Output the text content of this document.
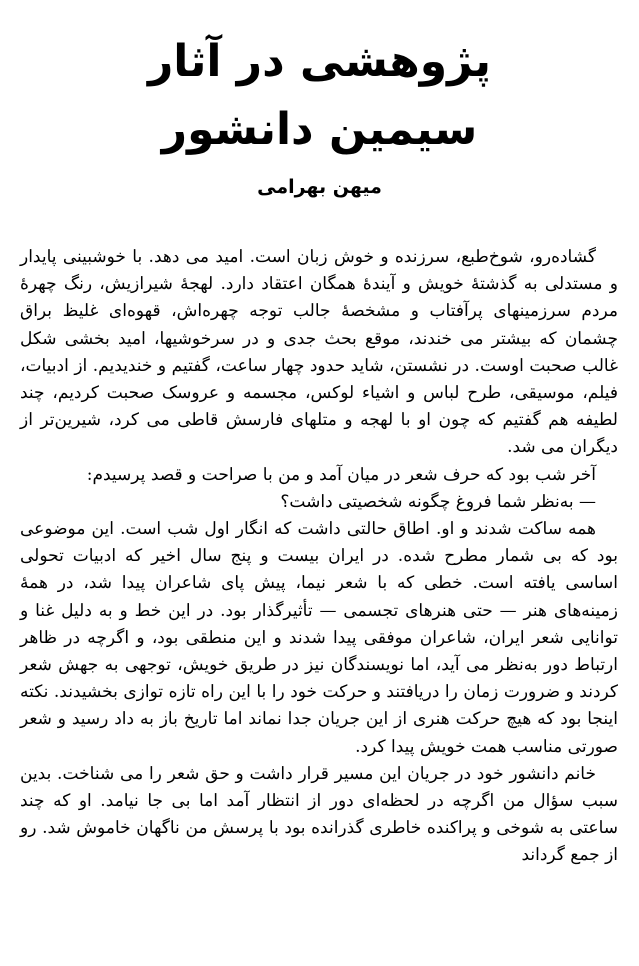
پژوهشی در آثار
سیمین دانشور
میهن بهرامی

گشاده‌رو، شوخ‌طبع، سرزنده و خوش زبان است. امید می دهد. با خوشبینی پایدار و مستدلی به گذشتهٔ خویش و آیندهٔ همگان اعتقاد دارد. لهجهٔ شیرازیش، رنگ چهرهٔ مردم سرزمینهای پرآفتاب و مشخصهٔ جالب توجه چهره‌اش، قهوه‌ای غلیظ براق چشمان که بیشتر می خندند، موقع بحث جدی و در سرخوشیها، امید بخشی شکل غالب صحبت اوست. در نشستن، شاید حدود چهار ساعت، گفتیم و خندیدیم. از ادبیات، فیلم، موسیقی، طرح لباس و اشیاء لوکس، مجسمه و عروسک صحبت کردیم، چند لطیفه هم گفتیم که چون او با لهجه و متلهای فارسش قاطی می کرد، شیرین‌تر از دیگران می شد.

آخر شب بود که حرف شعر در میان آمد و من با صراحت و قصد پرسیدم:

— به‌نظر شما فروغ چگونه شخصیتی داشت؟

همه ساکت شدند و او. اطاق حالتی داشت که انگار اول شب است. این موضوعی بود که بی شمار مطرح شده. در ایران بیست و پنج سال اخیر که ادبیات تحولی اساسی یافته است. خطی که با شعر نیما، پیش پای شاعران پیدا شد، در همهٔ زمینه‌های هنر — حتی هنرهای تجسمی — تأثیرگذار بود. در این خط و به دلیل غنا و توانایی شعر ایران، شاعران موفقی پیدا شدند و این منطقی بود، و اگرچه در ظاهر ارتباط دور به‌نظر می آید، اما نویسندگان نیز در طریق خویش، توجهی به جهش شعر کردند و ضرورت زمان را دریافتند و حرکت خود را با این راه تازه توازی بخشیدند. نکته اینجا بود که هیچ حرکت هنری از این جریان جدا نماند اما تاریخ باز به داد رسید و شعر صورتی مناسب همت خویش پیدا کرد.

خانم دانشور خود در جریان این مسیر قرار داشت و حق شعر را می شناخت. بدین سبب سؤال من اگرچه در لحظه‌ای دور از انتظار آمد اما بی جا نیامد. او که چند ساعتی به شوخی و پراکنده خاطری گذرانده بود با پرسش من ناگهان خاموش شد. رو از جمع گرداند
